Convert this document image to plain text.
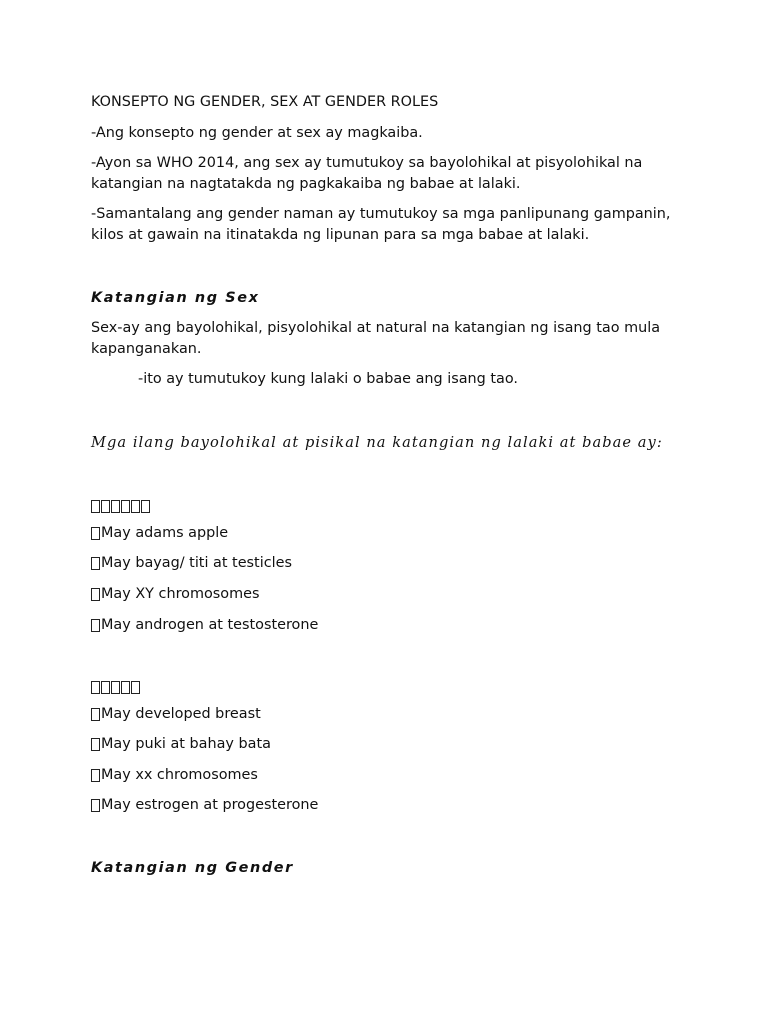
KONSEPTO NG GENDER, SEX AT GENDER ROLES

-Ang konsepto ng gender at sex ay magkaiba.

-Ayon sa WHO 2014, ang sex ay tumutukoy sa bayolohikal at pisyolohikal na katangian na nagtatakda ng pagkakaiba ng babae at lalaki.

-Samantalang ang gender naman ay tumutukoy sa mga panlipunang gampanin, kilos at gawain na itinatakda ng lipunan para sa mga babae at lalaki.

Katangian ng Sex

Sex-ay ang bayolohikal, pisyolohikal at natural na katangian ng isang tao mula kapanganakan.

-ito ay tumutukoy kung lalaki o babae ang isang tao.

Mga ilang bayolohikal at pisikal na katangian ng lalaki at babae ay:

May adams apple
May bayag/ titi at testicles
May XY chromosomes
May androgen at testosterone
May developed breast
May puki at bahay bata
May xx chromosomes
May estrogen at progesterone

Katangian ng Gender
